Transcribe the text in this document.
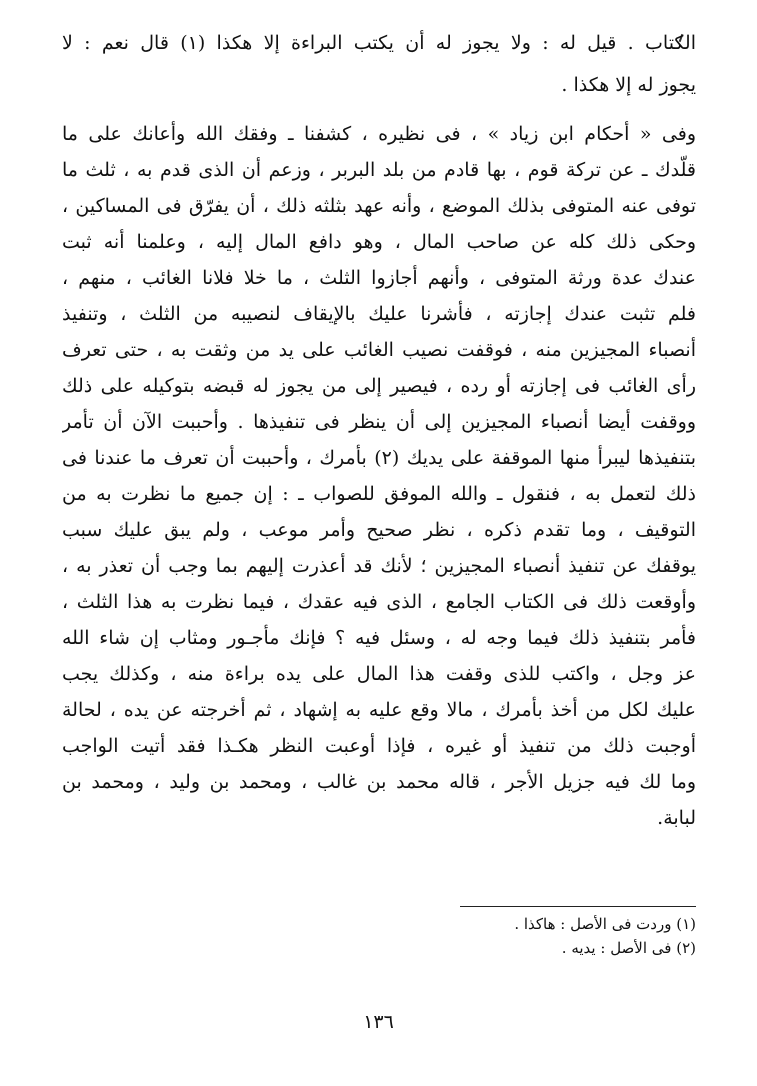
الكتاب . قيل له : ولا يجوز له أن يكتب البراءة إلا هكذا (١) قال نعم : لا
يجوز له إلا هكذا .
وفى « أحكام ابن زياد » ، فى نظيره ، كشفنا ـ وفقك الله وأعانك على ما
قلّدك ـ عن تركة قوم ، بها قادم من بلد البربر ، وزعم أن الذى قدم به ، ثلث ما
توفى عنه المتوفى بذلك الموضع ، وأنه عهد بثلثه ذلك ، أن يفرّق فى المساكين ،
وحكى ذلك كله عن صاحب المال ، وهو دافع المال إليه ، وعلمنا أنه ثبت
عندك عدة ورثة المتوفى ، وأنهم أجازوا الثلث ، ما خلا فلانا الغائب ، منهم ،
فلم تثبت عندك إجازته ، فأشرنا عليك بالإيقاف لنصيبه من الثلث ، وتنفيذ
أنصباء المجيزين منه ، فوقفت نصيب الغائب على يد من وثقت به ، حتى تعرف
رأى الغائب فى إجازته أو رده ، فيصير إلى من يجوز له قبضه بتوكيله على ذلك
ووقفت أيضا أنصباء المجيزين إلى أن ينظر فى تنفيذها . وأحببت الآن أن تأمر
بتنفيذها ليبرأ منها الموقفة على يديك (٢) بأمرك ، وأحببت أن تعرف ما عندنا فى
ذلك لتعمل به ، فنقول ـ والله الموفق للصواب ـ : إن جميع ما نظرت به من
التوقيف ، وما تقدم ذكره ، نظر صحيح وأمر موعب ، ولم يبق عليك سبب
يوقفك عن تنفيذ أنصباء المجيزين ؛ لأنك قد أعذرت إليهم بما وجب أن تعذر به ،
وأوقعت ذلك فى الكتاب الجامع ، الذى فيه عقدك ، فيما نظرت به هذا الثلث ،
فأمر بتنفيذ ذلك فيما وجه له ، وسئل فيه ؟ فإنك مأجـور ومثاب إن شاء الله
عز وجل ، واكتب للذى وقفت هذا المال على يده براءة منه ، وكذلك يجب
عليك لكل من أخذ بأمرك ، مالا وقع عليه به إشهاد ، ثم أخرجته عن يده ، لحالة
أوجبت ذلك من تنفيذ أو غيره ، فإذا أوعبت النظر هكـذا فقد أتيت الواجب
وما لك فيه جزيل الأجر ، قاله محمد بن غالب ، ومحمد بن وليد ، ومحمد بن
لبابة.
(١) وردت فى الأصل : هاكذا .
(٢) فى الأصل : يديه .
١٣٦
